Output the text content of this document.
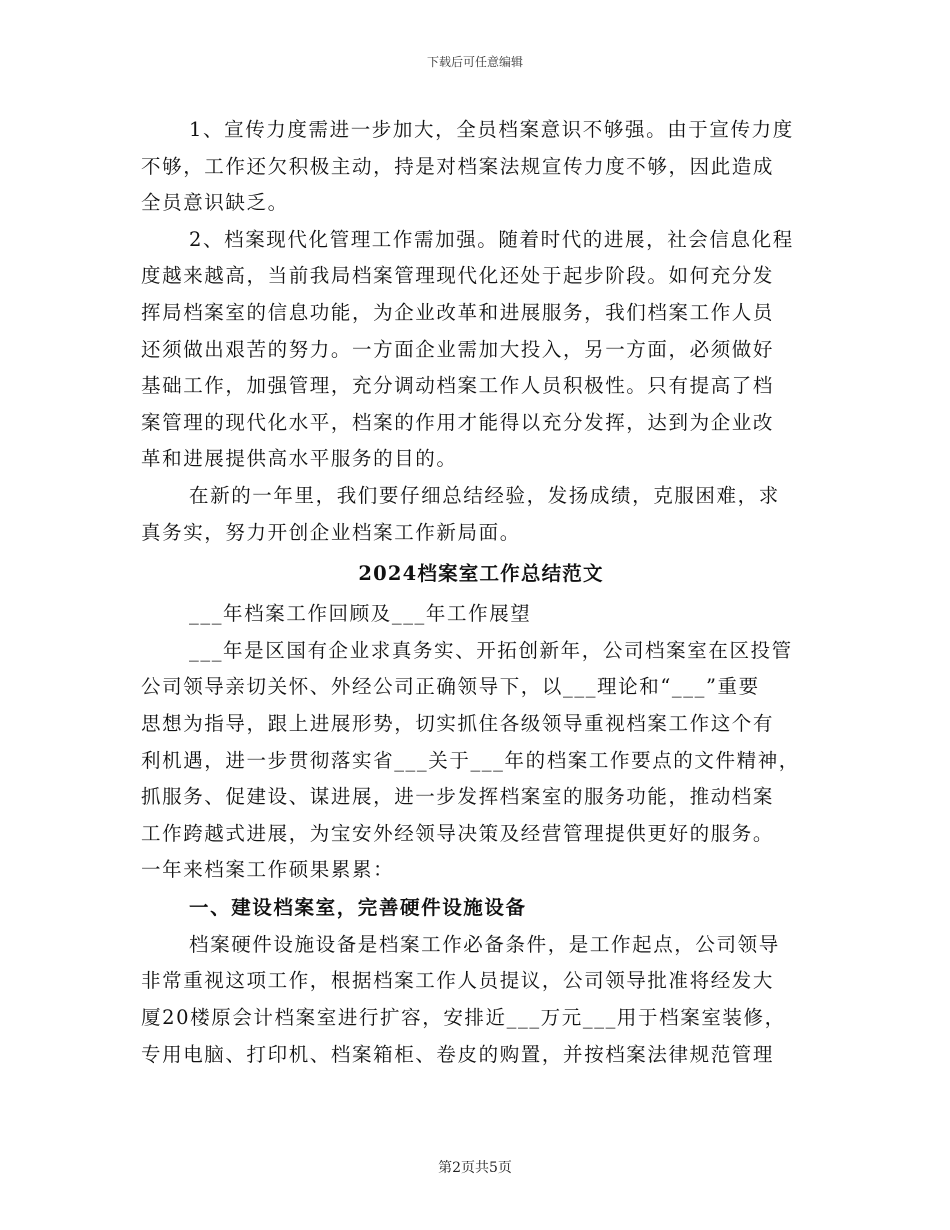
下载后可任意编辑
1、宣传力度需进一步加大，全员档案意识不够强。由于宣传力度
不够，工作还欠积极主动，持是对档案法规宣传力度不够，因此造成
全员意识缺乏。
2、档案现代化管理工作需加强。随着时代的进展，社会信息化程
度越来越高，当前我局档案管理现代化还处于起步阶段。如何充分发
挥局档案室的信息功能，为企业改革和进展服务，我们档案工作人员
还须做出艰苦的努力。一方面企业需加大投入，另一方面，必须做好
基础工作，加强管理，充分调动档案工作人员积极性。只有提高了档
案管理的现代化水平，档案的作用才能得以充分发挥，达到为企业改
革和进展提供高水平服务的目的。
在新的一年里，我们要仔细总结经验，发扬成绩，克服困难，求
真务实，努力开创企业档案工作新局面。
2024档案室工作总结范文
___年档案工作回顾及___年工作展望
___年是区国有企业求真务实、开拓创新年，公司档案室在区投管
公司领导亲切关怀、外经公司正确领导下，以___理论和“___”重要
思想为指导，跟上进展形势，切实抓住各级领导重视档案工作这个有
利机遇，进一步贯彻落实省___关于___年的档案工作要点的文件精神，
抓服务、促建设、谋进展，进一步发挥档案室的服务功能，推动档案
工作跨越式进展，为宝安外经领导决策及经营管理提供更好的服务。
一年来档案工作硕果累累：
一、建设档案室，完善硬件设施设备
档案硬件设施设备是档案工作必备条件，是工作起点，公司领导
非常重视这项工作，根据档案工作人员提议，公司领导批准将经发大
厦20楼原会计档案室进行扩容，安排近___万元___用于档案室装修，
专用电脑、打印机、档案箱柜、卷皮的购置，并按档案法律规范管理
第2页共5页
